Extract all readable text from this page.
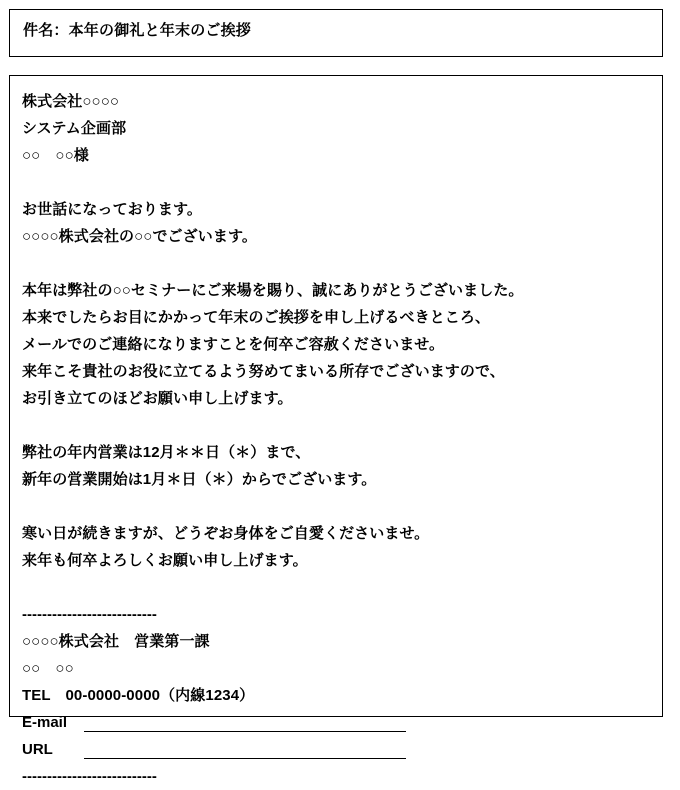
件名：本年の御礼と年末のご挨拶
株式会社○○○○
システム企画部
○○　○○様
お世話になっております。
○○○○株式会社の○○でございます。
本年は弊社の○○セミナーにご来場を賜り、誠にありがとうございました。
本来でしたらお目にかかって年末のご挨拶を申し上げるべきところ、
メールでのご連絡になりますことを何卒ご容赦くださいませ。
来年こそ貴社のお役に立てるよう努めてまいる所存でございますので、
お引き立てのほどお願い申し上げます。
弊社の年内営業は12月＊＊日（＊）まで、
新年の営業開始は1月＊日（＊）からでございます。
寒い日が続きますが、どうぞお身体をご自愛くださいませ。
来年も何卒よろしくお願い申し上げます。
---------------------------
○○○○株式会社　営業第一課
○○　○○
TEL　00-0000-0000（内線1234）
E-mail
URL
---------------------------
